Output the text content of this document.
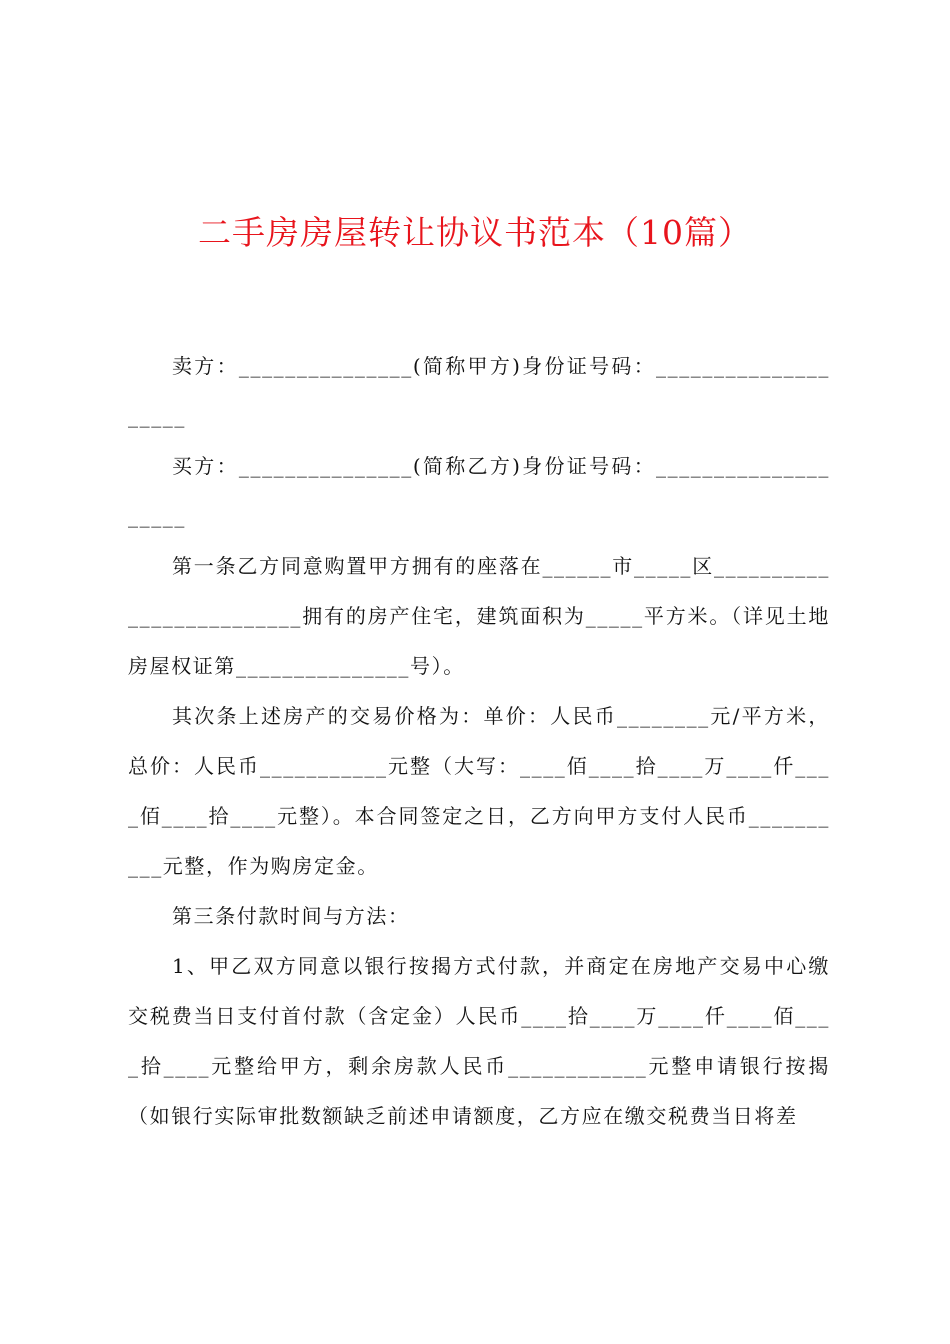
二手房房屋转让协议书范本（10篇）

卖方：_______________(简称甲方)身份证号码：____________________

买方：_______________(简称乙方)身份证号码：____________________

第一条乙方同意购置甲方拥有的座落在______市_____区_________________________拥有的房产住宅，建筑面积为_____平方米。（详见土地房屋权证第_______________号）。

其次条上述房产的交易价格为：单价：人民币________元/平方米，总价：人民币___________元整（大写：____佰____拾____万____仟____佰____拾____元整）。本合同签定之日，乙方向甲方支付人民币__________元整，作为购房定金。

第三条付款时间与方法：

1、甲乙双方同意以银行按揭方式付款，并商定在房地产交易中心缴交税费当日支付首付款（含定金）人民币____拾____万____仟____佰____拾____元整给甲方，剩余房款人民币____________元整申请银行按揭（如银行实际审批数额缺乏前述申请额度，乙方应在缴交税费当日将差
